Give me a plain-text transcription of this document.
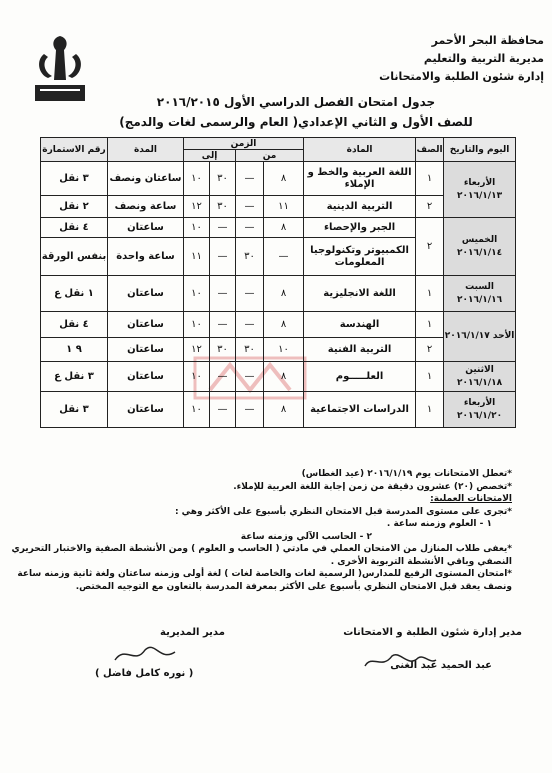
محافظة البحر الأحمر
مديرية التربية والتعليم
إدارة شئون الطلبة والامتحانات
جدول امتحان الفصل الدراسي الأول ٢٠١٦/٢٠١٥
للصف الأول و الثاني الإعدادي( العام والرسمى لغات والدمج)
اليوم والتاريخ	الصف	المادة	الزمن				المدة	رقم الاستمارة
			من		إلى			
الأربعاء ٢٠١٦/١/١٣	١	اللغة العربية والخط و الإملاء	٨	—	٣٠	١٠	ساعتان ونصف	٣ نقل
	٢	التربية الدينية	١١	—	٣٠	١٢	ساعة ونصف	٢ نقل
الخميس ٢٠١٦/١/١٤	٢	الجبر والإحصاء	٨	—	—	١٠	ساعتان	٤ نقل
		الكمبيوتر وتكنولوجيا المعلومات	—	٣٠	—	١١	ساعة واحدة	بنفس الورقة
السبت ٢٠١٦/١/١٦	١	اللغة الانجليزية	٨	—	—	١٠	ساعتان	١ نقل ع
الأحد ٢٠١٦/١/١٧	١	الهندسة	٨	—	—	١٠	ساعتان	٤ نقل
	٢	التربية الفنية	١٠	٣٠	٣٠	١٢	ساعتان	٩ ١
الاثنين ٢٠١٦/١/١٨	١	العلـــــوم	٨	—	—	١٠	ساعتان	٣ نقل ع
الأربعاء ٢٠١٦/١/٢٠	١	الدراسات الاجتماعية	٨	—	—	١٠	ساعتان	٣ نقل
*تعطل الامتحانات يوم ٢٠١٦/١/١٩ (عيد الغطاس)
*تخصص (٢٠) عشرون دقيقة من زمن إجابة اللغة العربية للإملاء.
الامتحانات العملية:
*تجرى على مستوى المدرسة قبل الامتحان النظري بأسبوع على الأكثر وهي :
١ - العلوم وزمنه ساعة .
٢ - الحاسب الآلي وزمنه ساعة
*يعفى طلاب المنازل من الامتحان العملي في مادتي ( الحاسب و العلوم ) ومن الأنشطة الصفية والاختبار التحريري
النصفي وباقي الأنشطة التربوية الأخرى .
*امتحان المستوى الرفيع للمدارس( الرسمية لغات والخاصة لغات ) لغة أولى وزمنه ساعتان ولغة ثانية وزمنه ساعة
ونصف يعقد قبل الامتحان النظري بأسبوع على الأكثر بمعرفة المدرسة بالتعاون مع التوجيه المختص.
مدير إدارة شئون الطلبة و الامتحانات
عبد الحميد عبد الغنى
مدير المديرية
( نوره كامل فاضل )
